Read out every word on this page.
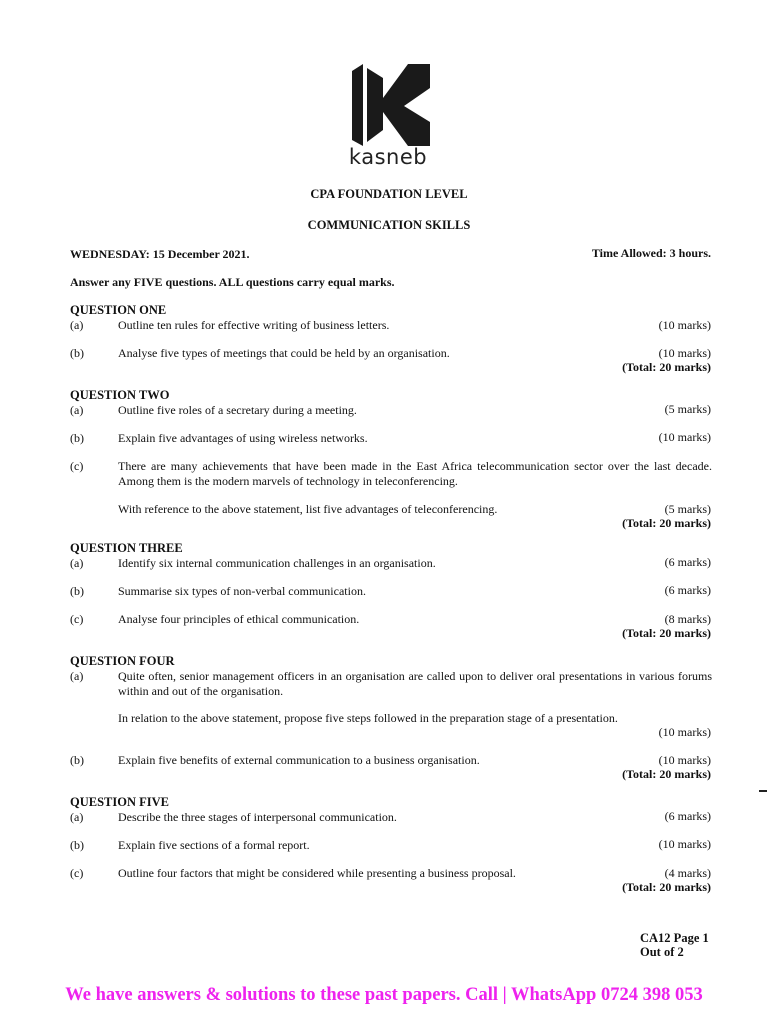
kasneb
CPA FOUNDATION LEVEL
COMMUNICATION SKILLS
WEDNESDAY: 15 December 2021.	Time Allowed: 3 hours.
Answer any FIVE questions. ALL questions carry equal marks.
QUESTION ONE
(a)	Outline ten rules for effective writing of business letters.	(10 marks)
(b)	Analyse five types of meetings that could be held by an organisation.	(10 marks)
(Total: 20 marks)
QUESTION TWO
(a)	Outline five roles of a secretary during a meeting.	(5 marks)
(b)	Explain five advantages of using wireless networks.	(10 marks)
(c)	There are many achievements that have been made in the East Africa telecommunication sector over the last decade. Among them is the modern marvels of technology in teleconferencing.
With reference to the above statement, list five advantages of teleconferencing.	(5 marks)
(Total: 20 marks)
QUESTION THREE
(a)	Identify six internal communication challenges in an organisation.	(6 marks)
(b)	Summarise six types of non-verbal communication.	(6 marks)
(c)	Analyse four principles of ethical communication.	(8 marks)
(Total: 20 marks)
QUESTION FOUR
(a)	Quite often, senior management officers in an organisation are called upon to deliver oral presentations in various forums within and out of the organisation.
In relation to the above statement, propose five steps followed in the preparation stage of a presentation.
(10 marks)
(b)	Explain five benefits of external communication to a business organisation.	(10 marks)
(Total: 20 marks)
QUESTION FIVE
(a)	Describe the three stages of interpersonal communication.	(6 marks)
(b)	Explain five sections of a formal report.	(10 marks)
(c)	Outline four factors that might be considered while presenting a business proposal.	(4 marks)
(Total: 20 marks)
CA12 Page 1
Out of 2
We have answers & solutions to these past papers. Call | WhatsApp 0724 398 053
